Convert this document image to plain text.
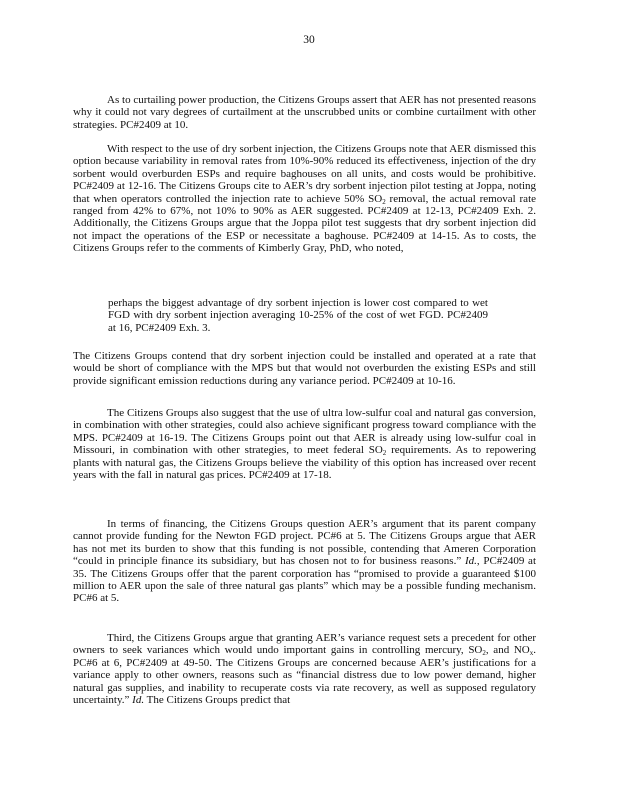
30

As to curtailing power production, the Citizens Groups assert that AER has not presented reasons why it could not vary degrees of curtailment at the unscrubbed units or combine curtailment with other strategies. PC#2409 at 10.

With respect to the use of dry sorbent injection, the Citizens Groups note that AER dismissed this option because variability in removal rates from 10%-90% reduced its effectiveness, injection of the dry sorbent would overburden ESPs and require baghouses on all units, and costs would be prohibitive. PC#2409 at 12-16. The Citizens Groups cite to AER’s dry sorbent injection pilot testing at Joppa, noting that when operators controlled the injection rate to achieve 50% $SO_2$ removal, the actual removal rate ranged from 42% to 67%, not 10% to 90% as AER suggested. PC#2409 at 12-13, PC#2409 Exh. 2. Additionally, the Citizens Groups argue that the Joppa pilot test suggests that dry sorbent injection did not impact the operations of the ESP or necessitate a baghouse. PC#2409 at 14-15. As to costs, the Citizens Groups refer to the comments of Kimberly Gray, PhD, who noted,

perhaps the biggest advantage of dry sorbent injection is lower cost compared to wet FGD with dry sorbent injection averaging 10-25% of the cost of wet FGD. PC#2409 at 16, PC#2409 Exh. 3.

The Citizens Groups contend that dry sorbent injection could be installed and operated at a rate that would be short of compliance with the MPS but that would not overburden the existing ESPs and still provide significant emission reductions during any variance period. PC#2409 at 10-16.

The Citizens Groups also suggest that the use of ultra low-sulfur coal and natural gas conversion, in combination with other strategies, could also achieve significant progress toward compliance with the MPS. PC#2409 at 16-19. The Citizens Groups point out that AER is already using low-sulfur coal in Missouri, in combination with other strategies, to meet federal $SO_2$ requirements. As to repowering plants with natural gas, the Citizens Groups believe the viability of this option has increased over recent years with the fall in natural gas prices. PC#2409 at 17-18.

In terms of financing, the Citizens Groups question AER’s argument that its parent company cannot provide funding for the Newton FGD project. PC#6 at 5. The Citizens Groups argue that AER has not met its burden to show that this funding is not possible, contending that Ameren Corporation “could in principle finance its subsidiary, but has chosen not to for business reasons.” Id., PC#2409 at 35. The Citizens Groups offer that the parent corporation has “promised to provide a guaranteed $100 million to AER upon the sale of three natural gas plants” which may be a possible funding mechanism. PC#6 at 5.

Third, the Citizens Groups argue that granting AER’s variance request sets a precedent for other owners to seek variances which would undo important gains in controlling mercury, $SO_2$, and $NO_x$. PC#6 at 6, PC#2409 at 49-50. The Citizens Groups are concerned because AER’s justifications for a variance apply to other owners, reasons such as “financial distress due to low power demand, higher natural gas supplies, and inability to recuperate costs via rate recovery, as well as supposed regulatory uncertainty.” Id. The Citizens Groups predict that
